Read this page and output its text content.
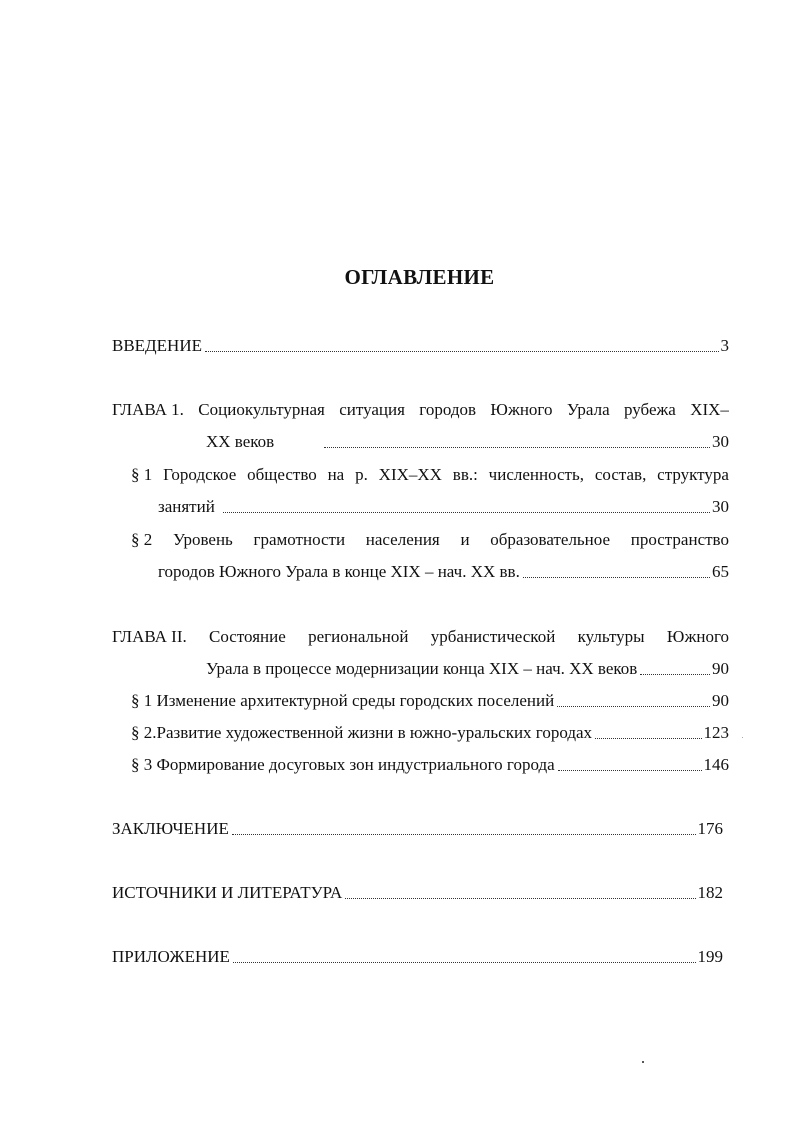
ОГЛАВЛЕНИЕ
ВВЕДЕНИЕ	3
ГЛАВА 1. Социокультурная ситуация городов Южного Урала рубежа XIX–
XX веков	30
§ 1 Городское общество на р. XIX–XX вв.: численность, состав, структура
занятий	30
§ 2 Уровень грамотности населения и образовательное пространство
городов Южного Урала в конце XIX – нач. XX вв.	65
ГЛАВА II. Состояние региональной урбанистической культуры Южного
Урала в процессе модернизации конца XIX – нач. XX веков	90
§ 1 Изменение архитектурной среды городских поселений	90
§ 2.Развитие художественной жизни в южно-уральских городах	123
§ 3 Формирование досуговых зон индустриального города	146
ЗАКЛЮЧЕНИЕ	176
ИСТОЧНИКИ И ЛИТЕРАТУРА	182
ПРИЛОЖЕНИЕ	199
